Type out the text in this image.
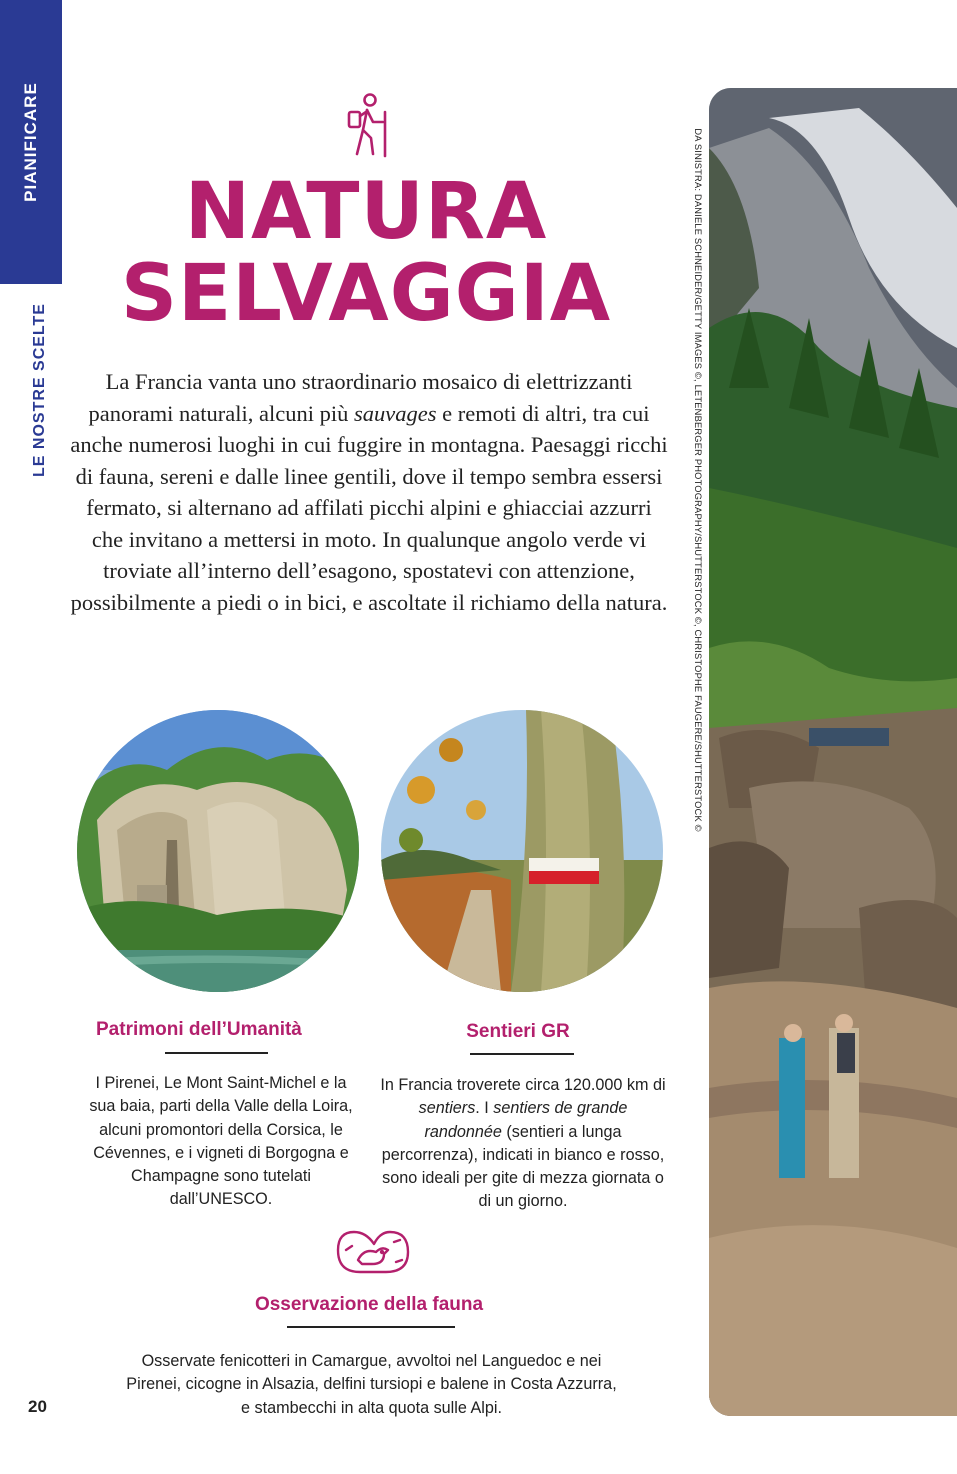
PIANIFICARE
LE NOSTRE SCELTE
NATURA
SELVAGGIA
La Francia vanta uno straordinario mosaico di elettrizzanti panorami naturali, alcuni più sauvages e remoti di altri, tra cui anche numerosi luoghi in cui fuggire in montagna. Paesaggi ricchi di fauna, sereni e dalle linee gentili, dove il tempo sembra essersi fermato, si alternano ad affilati picchi alpini e ghiacciai azzurri che invitano a mettersi in moto. In qualunque angolo verde vi troviate all’interno dell’esagono, spostatevi con attenzione, possibilmente a piedi o in bici, e ascoltate il richiamo della natura.
Patrimoni dell’Umanità
I Pirenei, Le Mont Saint-Michel e la sua baia, parti della Valle della Loira, alcuni promontori della Corsica, le Cévennes, e i vigneti di Borgogna e Champagne sono tutelati dall’UNESCO.
Sentieri GR
In Francia troverete circa 120.000 km di sentiers. I sentiers de grande randonnée (sentieri a lunga percorrenza), indicati in bianco e rosso, sono ideali per gite di mezza giornata o di un giorno.
Osservazione della fauna
Osservate fenicotteri in Camargue, avvoltoi nel Languedoc e nei Pirenei, cicogne in Alsazia, delfini tursiopi e balene in Costa Azzurra, e stambecchi in alta quota sulle Alpi.
20
DA SINISTRA: DANIELE SCHNEIDER/GETTY IMAGES ©, LETENBERGER PHOTOGRAPHY/SHUTTERSTOCK ©, CHRISTOPHE FAUGERE/SHUTTERSTOCK ©
